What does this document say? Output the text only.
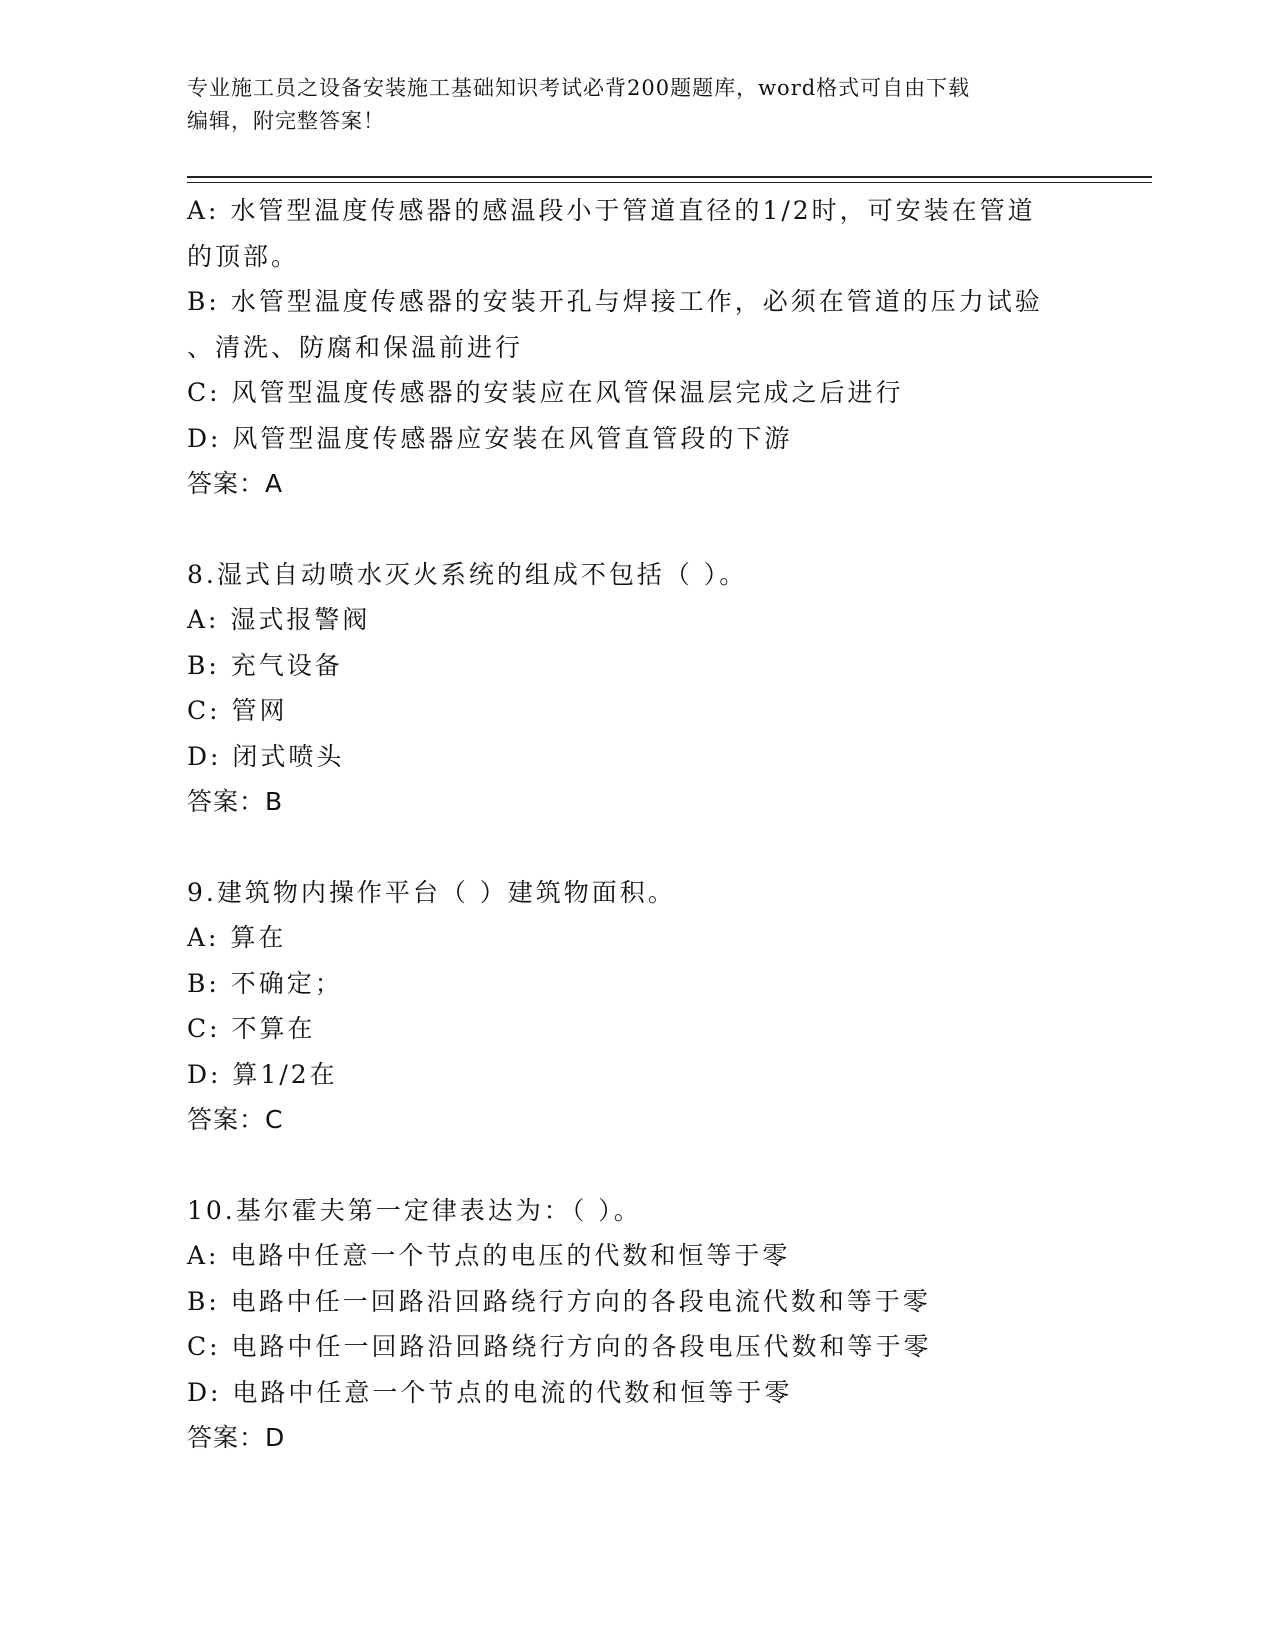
专业施工员之设备安装施工基础知识考试必背200题题库，word格式可自由下载
编辑，附完整答案！
A: 水管型温度传感器的感温段小于管道直径的1/2时，可安装在管道
的顶部。
B: 水管型温度传感器的安装开孔与焊接工作，必须在管道的压力试验
、清洗、防腐和保温前进行
C: 风管型温度传感器的安装应在风管保温层完成之后进行
D: 风管型温度传感器应安装在风管直管段的下游
答案：A
8.湿式自动喷水灭火系统的组成不包括（ ）。
A: 湿式报警阀
B: 充气设备
C: 管网
D: 闭式喷头
答案：B
9.建筑物内操作平台（ ）建筑物面积。
A: 算在
B: 不确定；
C: 不算在
D: 算1/2在
答案：C
10.基尔霍夫第一定律表达为：（ ）。
A: 电路中任意一个节点的电压的代数和恒等于零
B: 电路中任一回路沿回路绕行方向的各段电流代数和等于零
C: 电路中任一回路沿回路绕行方向的各段电压代数和等于零
D: 电路中任意一个节点的电流的代数和恒等于零
答案：D
